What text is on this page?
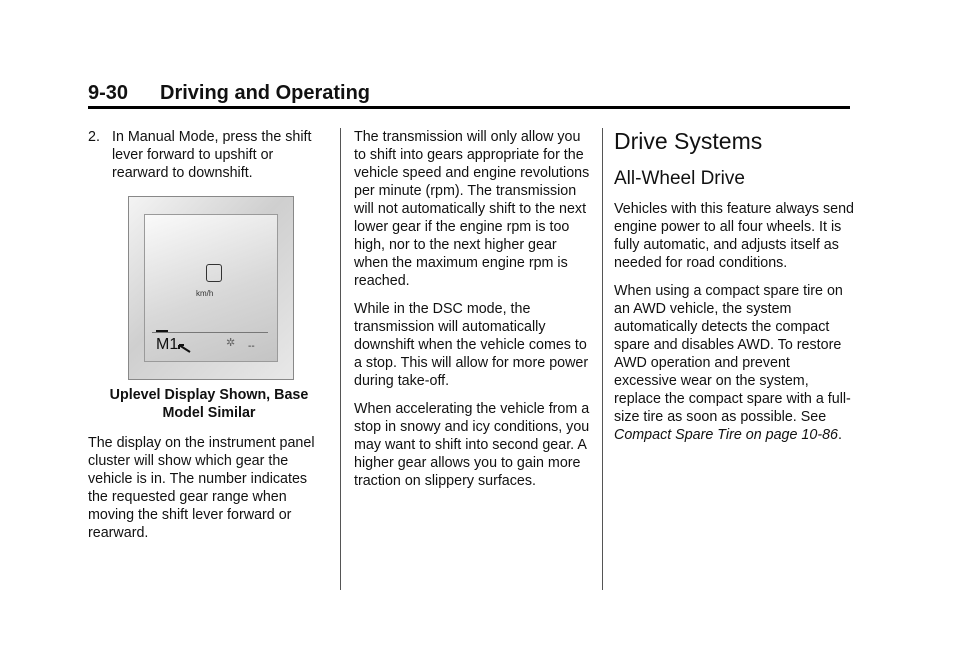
9-30 Driving and Operating

2. In Manual Mode, press the shift lever forward to upshift or rearward to downshift.

km/h
M1	✲ --

Uplevel Display Shown, Base Model Similar

The display on the instrument panel cluster will show which gear the vehicle is in. The number indicates the requested gear range when moving the shift lever forward or rearward.

The transmission will only allow you to shift into gears appropriate for the vehicle speed and engine revolutions per minute (rpm). The transmission will not automatically shift to the next lower gear if the engine rpm is too high, nor to the next higher gear when the maximum engine rpm is reached.

While in the DSC mode, the transmission will automatically downshift when the vehicle comes to a stop. This will allow for more power during take-off.

When accelerating the vehicle from a stop in snowy and icy conditions, you may want to shift into second gear. A higher gear allows you to gain more traction on slippery surfaces.

Drive Systems

All-Wheel Drive

Vehicles with this feature always send engine power to all four wheels. It is fully automatic, and adjusts itself as needed for road conditions.

When using a compact spare tire on an AWD vehicle, the system automatically detects the compact spare and disables AWD. To restore AWD operation and prevent excessive wear on the system, replace the compact spare with a full-size tire as soon as possible. See Compact Spare Tire on page 10-86.
